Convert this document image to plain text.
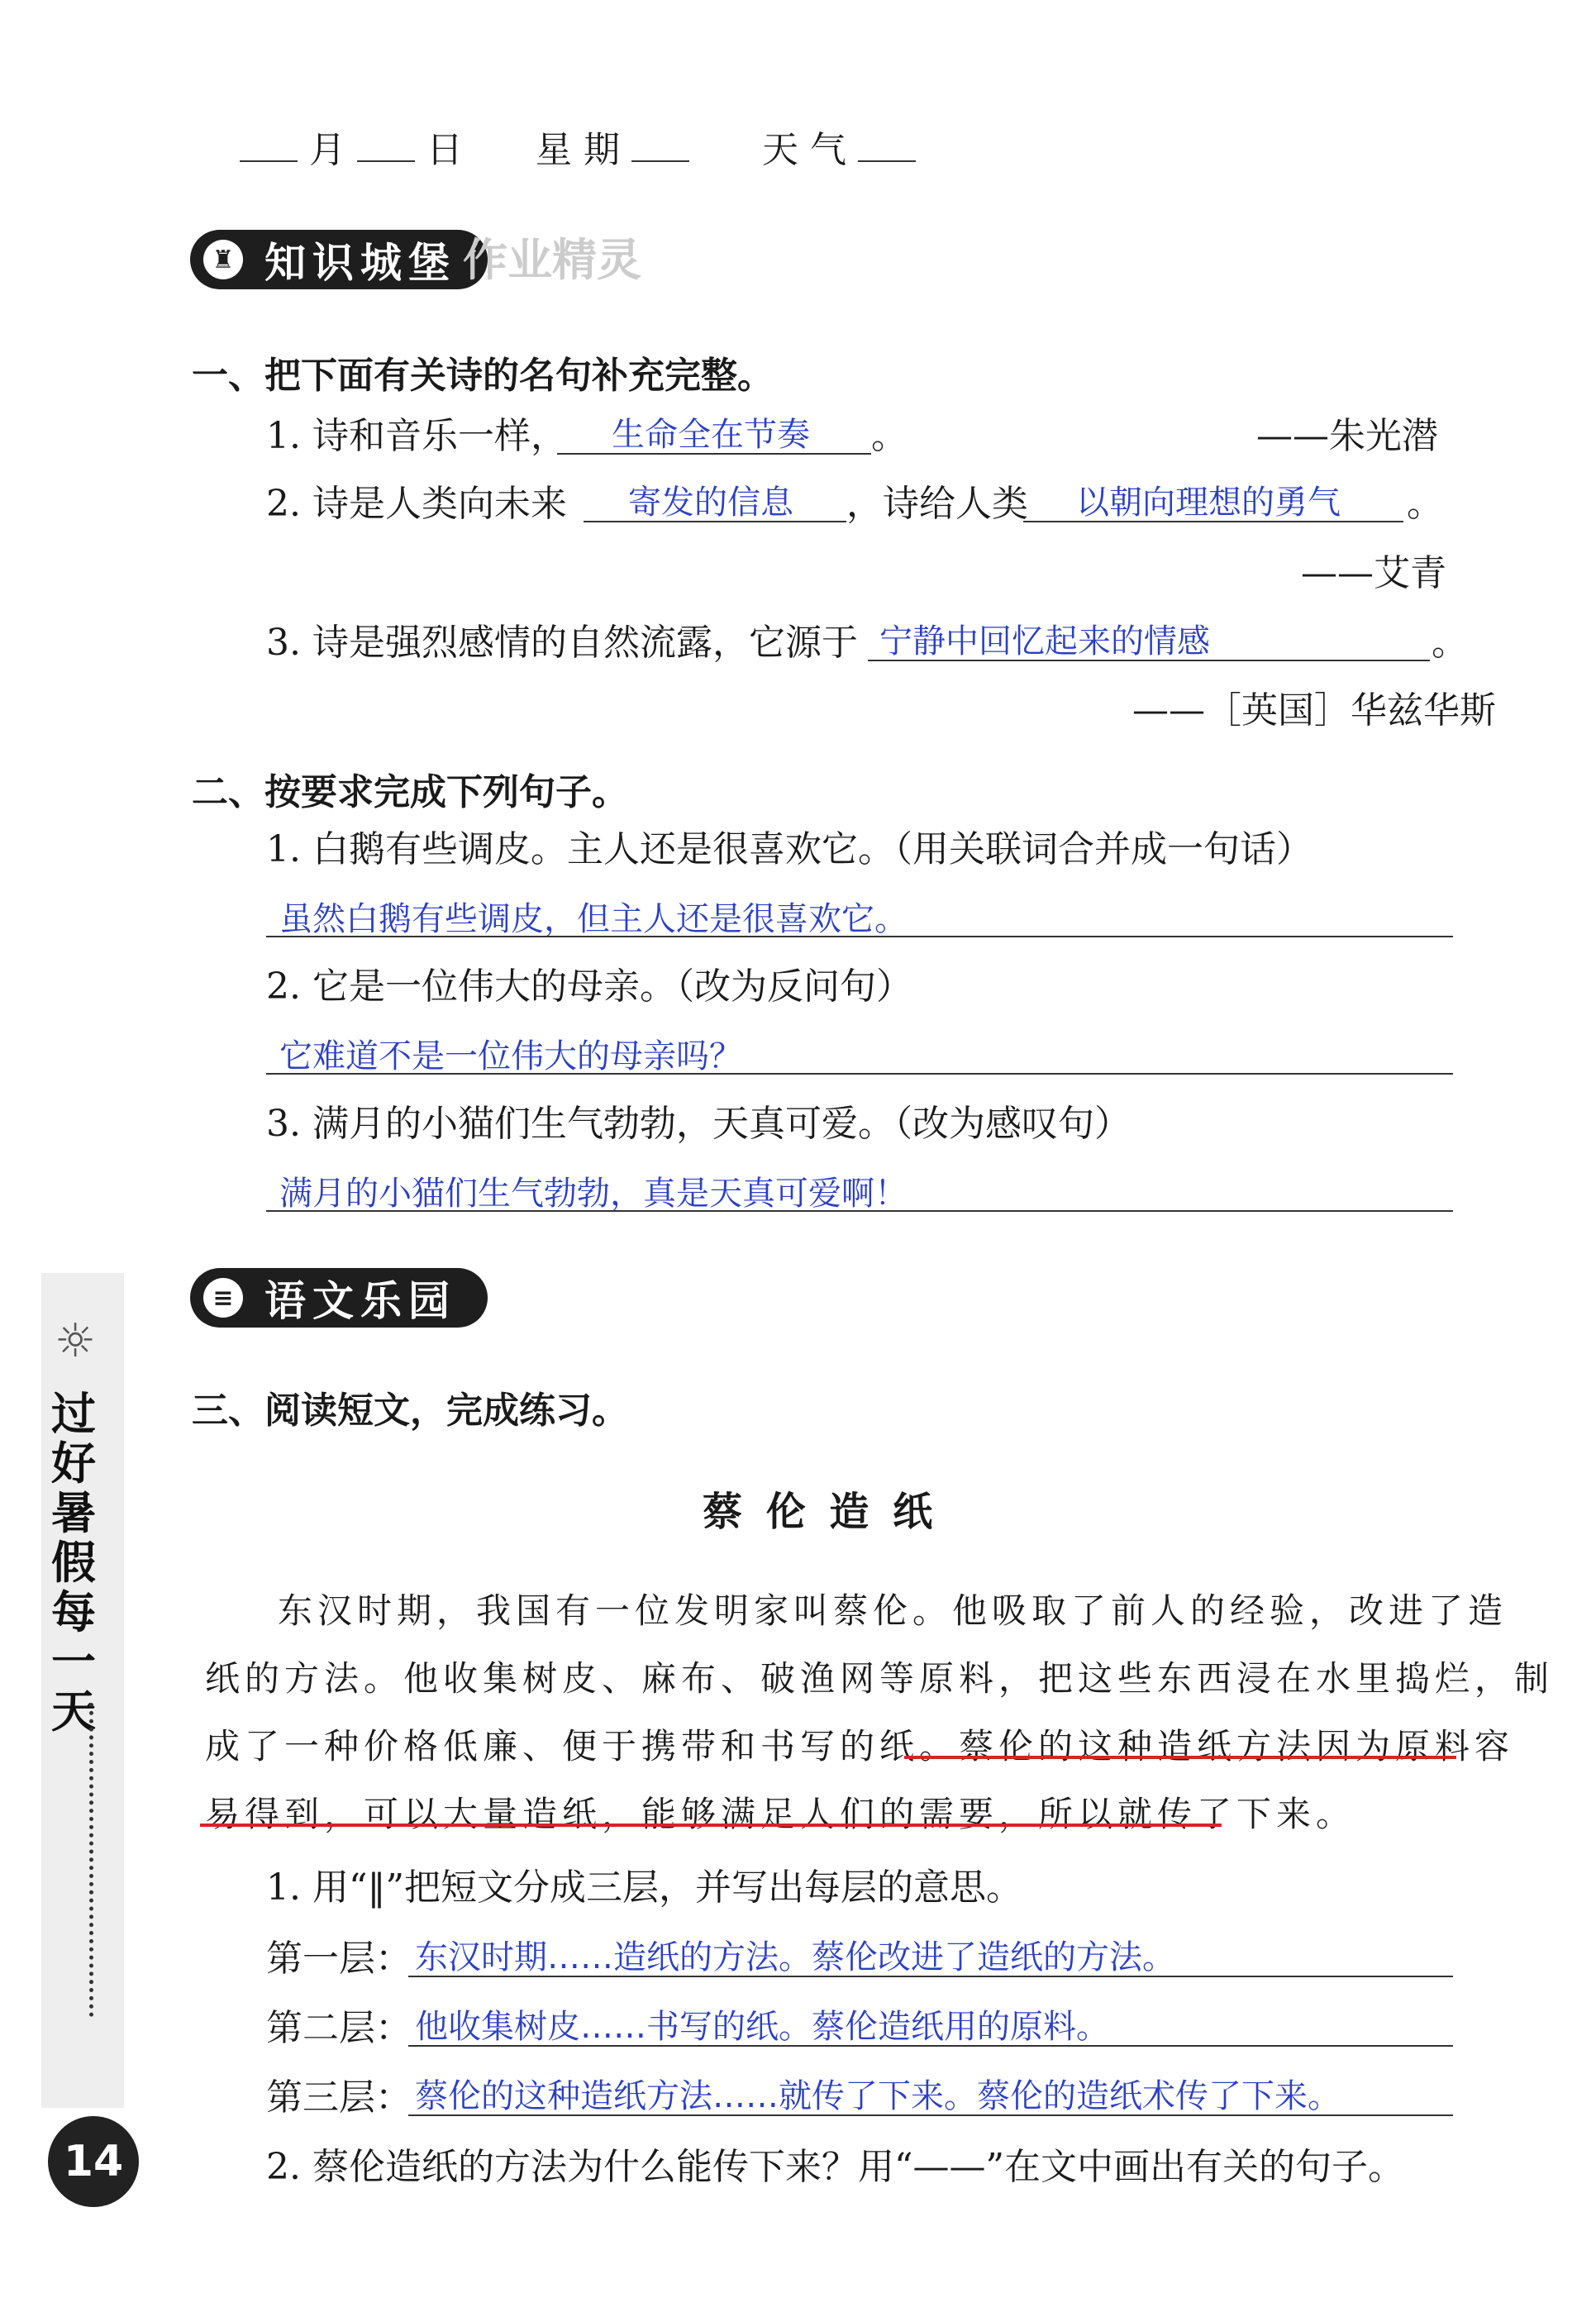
月 日 星 期	天 气
♜ 知识城堡 作业精灵
一、把下面有关诗的名句补充完整。
1. 诗和音乐一样， 生命全在节奏 。	——朱光潜
2. 诗是人类向未来 寄发的信息 ，诗给人类 以朝向理想的勇气 。
——艾青
3. 诗是强烈感情的自然流露，它源于 宁静中回忆起来的情感	。
——［英国］华兹华斯
二、按要求完成下列句子。
1. 白鹅有些调皮。主人还是很喜欢它。（用关联词合并成一句话）
虽然白鹅有些调皮，但主人还是很喜欢它。
2. 它是一位伟大的母亲。（改为反问句）
它难道不是一位伟大的母亲吗？
3. 满月的小猫们生气勃勃，天真可爱。（改为感叹句）
满月的小猫们生气勃勃，真是天真可爱啊！
≡ 语文乐园
三、阅读短文，完成练习。
蔡 伦 造 纸
东汉时期，我国有一位发明家叫蔡伦。他吸取了前人的经验，改进了造
纸的方法。他收集树皮、麻布、破渔网等原料，把这些东西浸在水里捣烂，制
成了一种价格低廉、便于携带和书写的纸。蔡伦的这种造纸方法因为原料容
易得到，可以大量造纸，能够满足人们的需要，所以就传了下来。
1. 用“‖”把短文分成三层，并写出每层的意思。
第一层： 东汉时期……造纸的方法。蔡伦改进了造纸的方法。
第二层： 他收集树皮……书写的纸。蔡伦造纸用的原料。
第三层： 蔡伦的这种造纸方法……就传了下来。蔡伦的造纸术传了下来。
2. 蔡伦造纸的方法为什么能传下来？用“——”在文中画出有关的句子。
☼
过
好
暑
假
每
一
天
14
